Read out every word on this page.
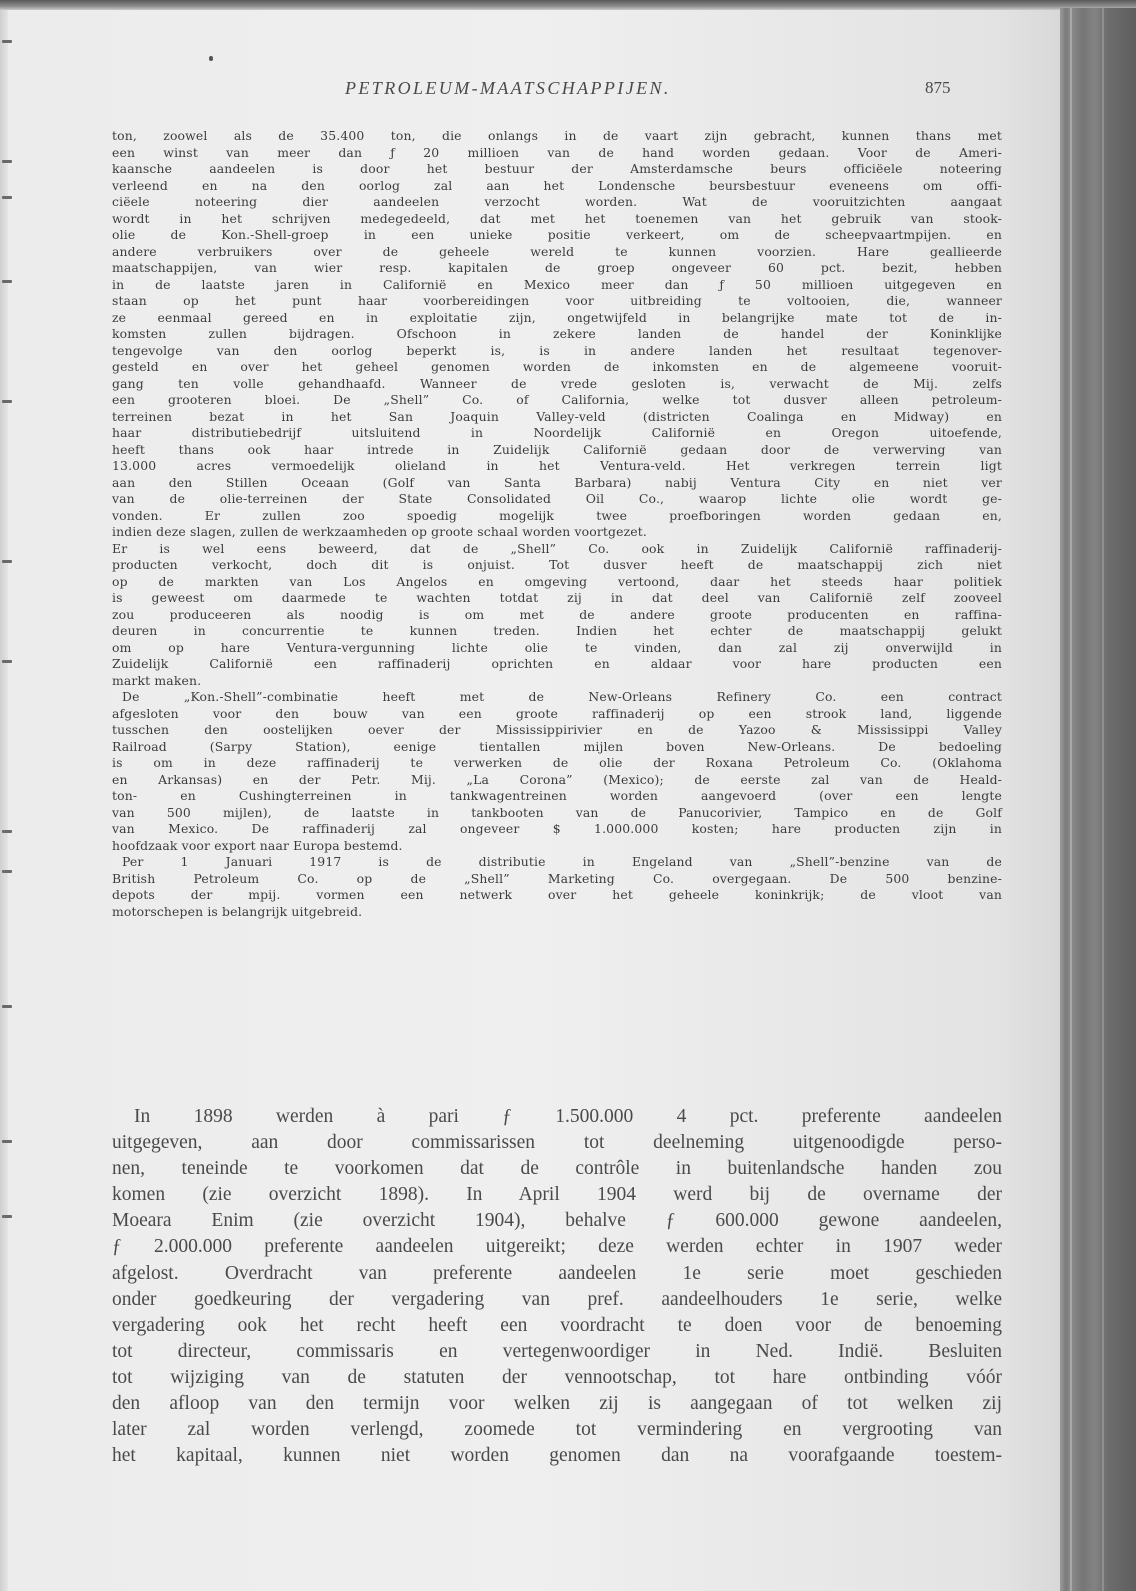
PETROLEUM-MAATSCHAPPIJEN.	875
ton, zoowel als de 35.400 ton, die onlangs in de vaart zijn gebracht, kunnen thans met
een winst van meer dan ƒ 20 millioen van de hand worden gedaan. Voor de Ameri-
kaansche aandeelen is door het bestuur der Amsterdamsche beurs officiëele noteering
verleend en na den oorlog zal aan het Londensche beursbestuur eveneens om offi-
ciëele noteering dier aandeelen verzocht worden. Wat de vooruitzichten aangaat
wordt in het schrijven medegedeeld, dat met het toenemen van het gebruik van stook-
olie de Kon.-Shell-groep in een unieke positie verkeert, om de scheepvaartmpijen. en
andere verbruikers over de geheele wereld te kunnen voorzien. Hare geallieerde
maatschappijen, van wier resp. kapitalen de groep ongeveer 60 pct. bezit, hebben
in de laatste jaren in Californië en Mexico meer dan ƒ 50 millioen uitgegeven en
staan op het punt haar voorbereidingen voor uitbreiding te voltooien, die, wanneer
ze eenmaal gereed en in exploitatie zijn, ongetwijfeld in belangrijke mate tot de in-
komsten zullen bijdragen. Ofschoon in zekere landen de handel der Koninklijke
tengevolge van den oorlog beperkt is, is in andere landen het resultaat tegenover-
gesteld en over het geheel genomen worden de inkomsten en de algemeene vooruit-
gang ten volle gehandhaafd. Wanneer de vrede gesloten is, verwacht de Mij. zelfs
een grooteren bloei. De „Shell” Co. of California, welke tot dusver alleen petroleum-
terreinen bezat in het San Joaquin Valley-veld (districten Coalinga en Midway) en
haar distributiebedrijf uitsluitend in Noordelijk Californië en Oregon uitoefende,
heeft thans ook haar intrede in Zuidelijk Californië gedaan door de verwerving van
13.000 acres vermoedelijk olieland in het Ventura-veld. Het verkregen terrein ligt
aan den Stillen Oceaan (Golf van Santa Barbara) nabij Ventura City en niet ver
van de olie-terreinen der State Consolidated Oil Co., waarop lichte olie wordt ge-
vonden. Er zullen zoo spoedig mogelijk twee proefboringen worden gedaan en,
indien deze slagen, zullen de werkzaamheden op groote schaal worden voortgezet.
Er is wel eens beweerd, dat de „Shell” Co. ook in Zuidelijk Californië raffinaderij-
producten verkocht, doch dit is onjuist. Tot dusver heeft de maatschappij zich niet
op de markten van Los Angelos en omgeving vertoond, daar het steeds haar politiek
is geweest om daarmede te wachten totdat zij in dat deel van Californië zelf zooveel
zou produceeren als noodig is om met de andere groote producenten en raffina-
deuren in concurrentie te kunnen treden. Indien het echter de maatschappij gelukt
om op hare Ventura-vergunning lichte olie te vinden, dan zal zij onverwijld in
Zuidelijk Californië een raffinaderij oprichten en aldaar voor hare producten een
markt maken.
De „Kon.-Shell”-combinatie heeft met de New-Orleans Refinery Co. een contract
afgesloten voor den bouw van een groote raffinaderij op een strook land, liggende
tusschen den oostelijken oever der Mississippirivier en de Yazoo & Mississippi Valley
Railroad (Sarpy Station), eenige tientallen mijlen boven New-Orleans. De bedoeling
is om in deze raffinaderij te verwerken de olie der Roxana Petroleum Co. (Oklahoma
en Arkansas) en der Petr. Mij. „La Corona” (Mexico); de eerste zal van de Heald-
ton- en Cushingterreinen in tankwagentreinen worden aangevoerd (over een lengte
van 500 mijlen), de laatste in tankbooten van de Panucorivier, Tampico en de Golf
van Mexico. De raffinaderij zal ongeveer $ 1.000.000 kosten; hare producten zijn in
hoofdzaak voor export naar Europa bestemd.
Per 1 Januari 1917 is de distributie in Engeland van „Shell”-benzine van de
British Petroleum Co. op de „Shell” Marketing Co. overgegaan. De 500 benzine-
depots der mpij. vormen een netwerk over het geheele koninkrijk; de vloot van
motorschepen is belangrijk uitgebreid.
In 1898 werden à pari ƒ 1.500.000 4 pct. preferente aandeelen
uitgegeven, aan door commissarissen tot deelneming uitgenoodigde perso-
nen, teneinde te voorkomen dat de contrôle in buitenlandsche handen zou
komen (zie overzicht 1898). In April 1904 werd bij de overname der
Moeara Enim (zie overzicht 1904), behalve ƒ 600.000 gewone aandeelen,
ƒ 2.000.000 preferente aandeelen uitgereikt; deze werden echter in 1907 weder
afgelost. Overdracht van preferente aandeelen 1e serie moet geschieden
onder goedkeuring der vergadering van pref. aandeelhouders 1e serie, welke
vergadering ook het recht heeft een voordracht te doen voor de benoeming
tot directeur, commissaris en vertegenwoordiger in Ned. Indië. Besluiten
tot wijziging van de statuten der vennootschap, tot hare ontbinding vóór
den afloop van den termijn voor welken zij is aangegaan of tot welken zij
later zal worden verlengd, zoomede tot vermindering en vergrooting van
het kapitaal, kunnen niet worden genomen dan na voorafgaande toestem-
